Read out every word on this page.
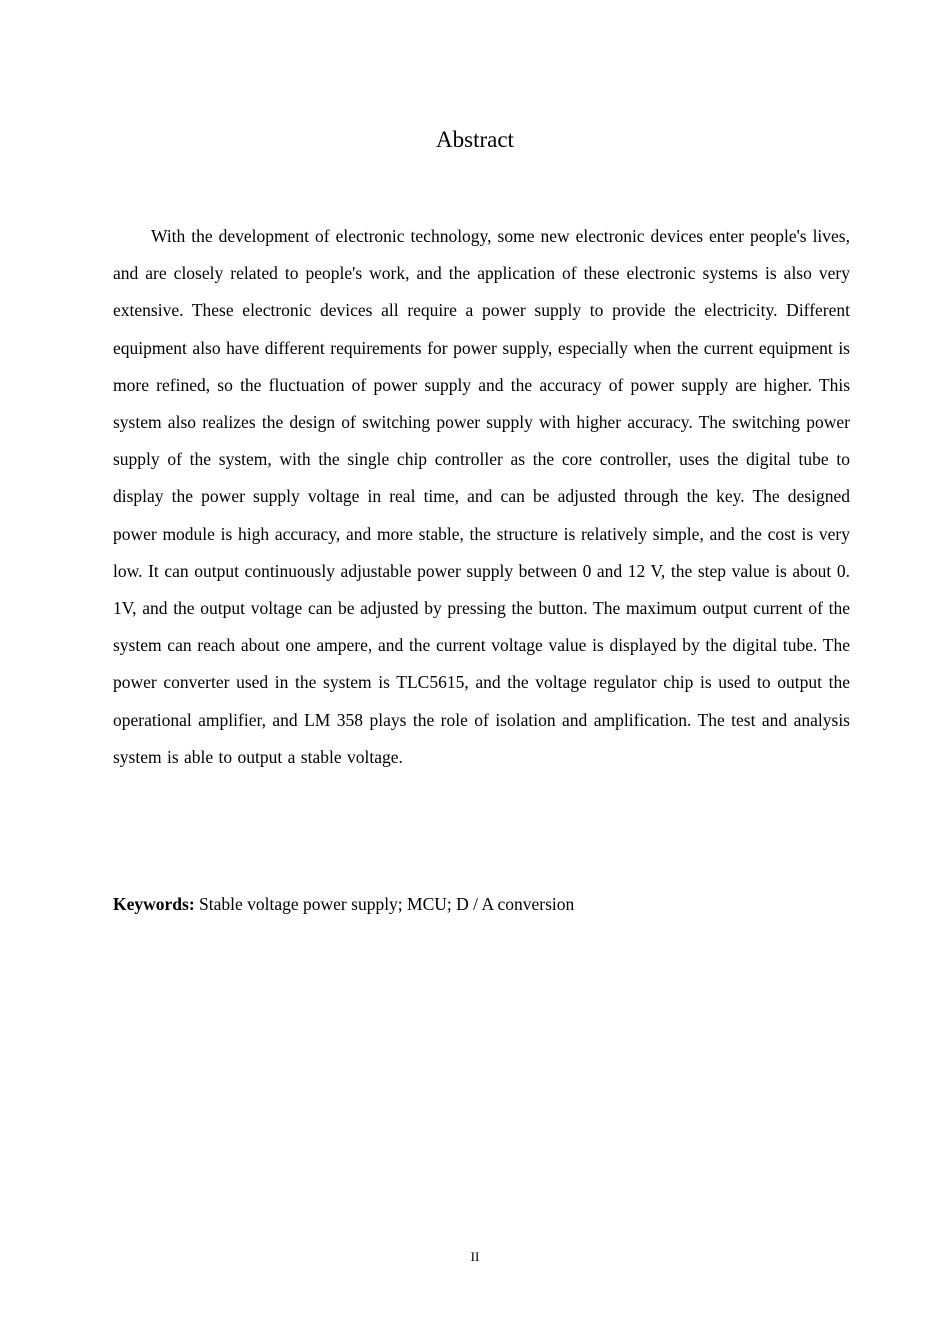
Abstract

With the development of electronic technology, some new electronic devices enter people's lives, and are closely related to people's work, and the application of these electronic systems is also very extensive. These electronic devices all require a power supply to provide the electricity. Different equipment also have different requirements for power supply, especially when the current equipment is more refined, so the fluctuation of power supply and the accuracy of power supply are higher. This system also realizes the design of switching power supply with higher accuracy. The switching power supply of the system, with the single chip controller as the core controller, uses the digital tube to display the power supply voltage in real time, and can be adjusted through the key. The designed power module is high accuracy, and more stable, the structure is relatively simple, and the cost is very low. It can output continuously adjustable power supply between 0 and 12 V, the step value is about 0. 1V, and the output voltage can be adjusted by pressing the button. The maximum output current of the system can reach about one ampere, and the current voltage value is displayed by the digital tube. The power converter used in the system is TLC5615, and the voltage regulator chip is used to output the operational amplifier, and LM 358 plays the role of isolation and amplification. The test and analysis system is able to output a stable voltage.

Keywords: Stable voltage power supply; MCU; D / A conversion

II
